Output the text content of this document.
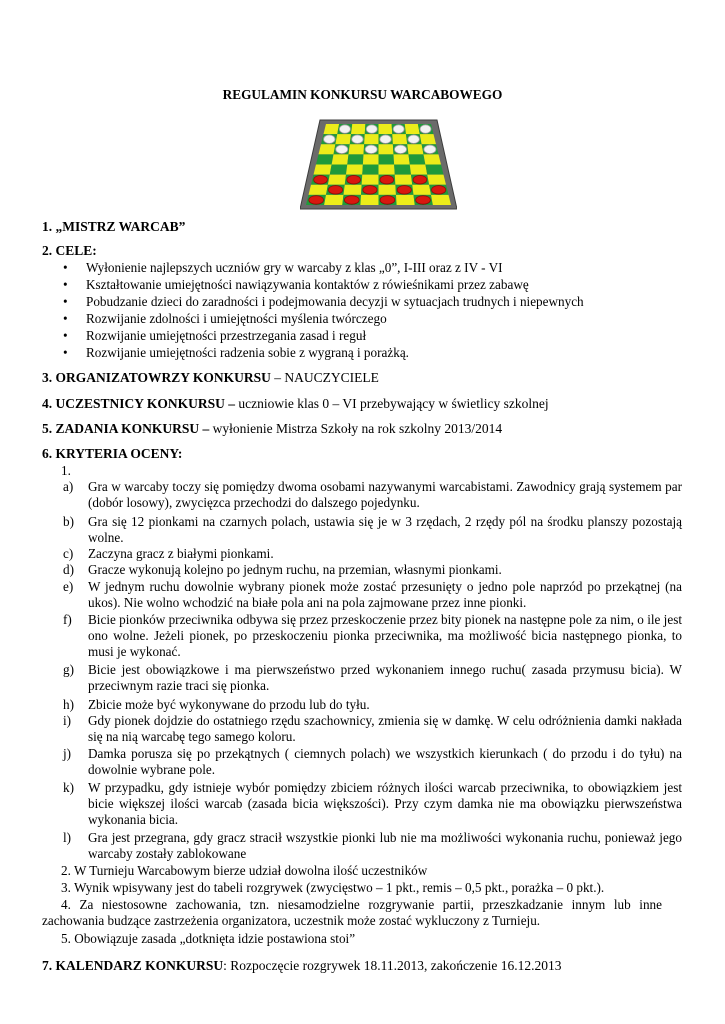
REGULAMIN KONKURSU WARCABOWEGO
1. „MISTRZ WARCAB”
2. CELE:
• Wyłonienie najlepszych uczniów gry w warcaby z klas „0”, I-III oraz z IV - VI
• Kształtowanie umiejętności nawiązywania kontaktów z rówieśnikami przez zabawę
• Pobudzanie dzieci do zaradności i podejmowania decyzji w sytuacjach trudnych i niepewnych
• Rozwijanie zdolności i umiejętności myślenia twórczego
• Rozwijanie umiejętności przestrzegania zasad i reguł
• Rozwijanie umiejętności radzenia sobie z wygraną i porażką.
3. ORGANIZATOWRZY KONKURSU – NAUCZYCIELE
4. UCZESTNICY KONKURSU – uczniowie klas 0 – VI przebywający w świetlicy szkolnej
5. ZADANIA KONKURSU – wyłonienie Mistrza Szkoły na rok szkolny 2013/2014
6. KRYTERIA OCENY:
1.
a) Gra w warcaby toczy się pomiędzy dwoma osobami nazywanymi warcabistami. Zawodnicy grają systemem par (dobór losowy), zwycięzca przechodzi do dalszego pojedynku.
b) Gra się 12 pionkami na czarnych polach, ustawia się je w 3 rzędach, 2 rzędy pól na środku planszy pozostają wolne.
c) Zaczyna gracz z białymi pionkami.
d) Gracze wykonują kolejno po jednym ruchu, na przemian, własnymi pionkami.
e) W jednym ruchu dowolnie wybrany pionek może zostać przesunięty o jedno pole naprzód po przekątnej (na ukos). Nie wolno wchodzić na białe pola ani na pola zajmowane przez inne pionki.
f) Bicie pionków przeciwnika odbywa się przez przeskoczenie przez bity pionek na następne pole za nim, o ile jest ono wolne. Jeżeli pionek, po przeskoczeniu pionka przeciwnika, ma możliwość bicia następnego pionka, to musi je wykonać.
g) Bicie jest obowiązkowe i ma pierwszeństwo przed wykonaniem innego ruchu( zasada przymusu bicia). W przeciwnym razie traci się pionka.
h) Zbicie może być wykonywane do przodu lub do tyłu.
i) Gdy pionek dojdzie do ostatniego rzędu szachownicy, zmienia się w damkę. W celu odróżnienia damki nakłada się na nią warcabę tego samego koloru.
j) Damka porusza się po przekątnych ( ciemnych polach) we wszystkich kierunkach ( do przodu i do tyłu) na dowolnie wybrane pole.
k) W przypadku, gdy istnieje wybór pomiędzy zbiciem różnych ilości warcab przeciwnika, to obowiązkiem jest bicie większej ilości warcab (zasada bicia większości). Przy czym damka nie ma obowiązku pierwszeństwa wykonania bicia.
l) Gra jest przegrana, gdy gracz stracił wszystkie pionki lub nie ma możliwości wykonania ruchu, ponieważ jego warcaby zostały zablokowane
2. W Turnieju Warcabowym bierze udział dowolna ilość uczestników
3. Wynik wpisywany jest do tabeli rozgrywek (zwycięstwo – 1 pkt., remis – 0,5 pkt., porażka – 0 pkt.).
4. Za niestosowne zachowania, tzn. niesamodzielne rozgrywanie partii, przeszkadzanie innym lub inne zachowania budzące zastrzeżenia organizatora, uczestnik może zostać wykluczony z Turnieju.
5. Obowiązuje zasada „dotknięta idzie postawiona stoi”
7. KALENDARZ KONKURSU: Rozpoczęcie rozgrywek 18.11.2013, zakończenie 16.12.2013
